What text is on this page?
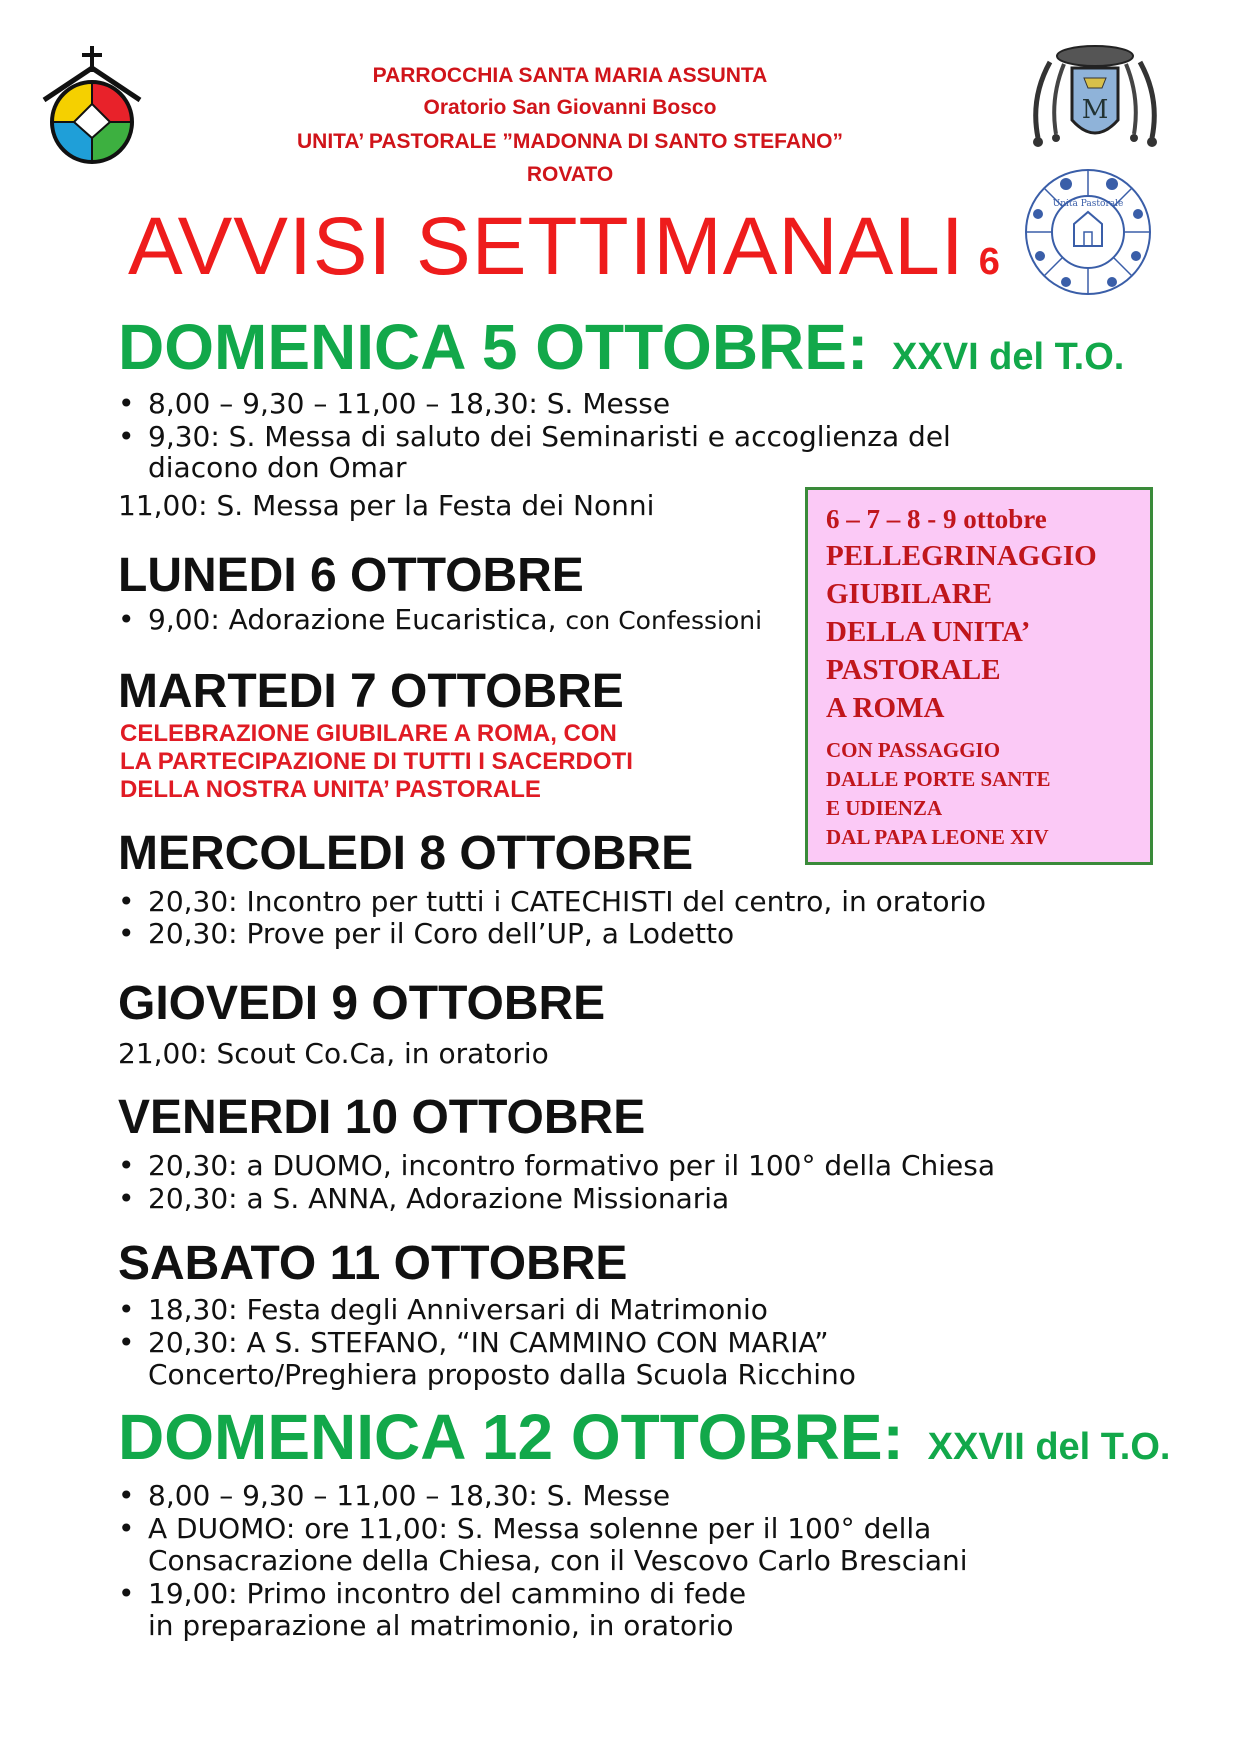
PARROCCHIA SANTA MARIA ASSUNTA
Oratorio San Giovanni Bosco
UNITA’ PASTORALE ”MADONNA DI SANTO STEFANO”
ROVATO
M
Unità Pastorale
AVVISI SETTIMANALI 6
DOMENICA 5 OTTOBRE: XXVI del T.O.
• 8,00 – 9,30 – 11,00 – 18,30: S. Messe
• 9,30: S. Messa di saluto dei Seminaristi e accoglienza del
diacono don Omar
11,00: S. Messa per la Festa dei Nonni
LUNEDI 6 OTTOBRE
• 9,00: Adorazione Eucaristica, con Confessioni
MARTEDI 7 OTTOBRE
CELEBRAZIONE GIUBILARE A ROMA, CON
LA PARTECIPAZIONE DI TUTTI I SACERDOTI
DELLA NOSTRA UNITA’ PASTORALE
MERCOLEDI 8 OTTOBRE
• 20,30: Incontro per tutti i CATECHISTI del centro, in oratorio
• 20,30: Prove per il Coro dell’UP, a Lodetto
GIOVEDI 9 OTTOBRE
21,00: Scout Co.Ca, in oratorio
VENERDI 10 OTTOBRE
• 20,30: a DUOMO, incontro formativo per il 100° della Chiesa
• 20,30: a S. ANNA, Adorazione Missionaria
SABATO 11 OTTOBRE
• 18,30: Festa degli Anniversari di Matrimonio
• 20,30: A S. STEFANO, “IN CAMMINO CON MARIA”
Concerto/Preghiera proposto dalla Scuola Ricchino
DOMENICA 12 OTTOBRE: XXVII del T.O.
• 8,00 – 9,30 – 11,00 – 18,30: S. Messe
• A DUOMO: ore 11,00: S. Messa solenne per il 100° della
Consacrazione della Chiesa, con il Vescovo Carlo Bresciani
• 19,00: Primo incontro del cammino di fede
in preparazione al matrimonio, in oratorio
6 – 7 – 8 - 9 ottobre
PELLEGRINAGGIO
GIUBILARE
DELLA UNITA’
PASTORALE
A ROMA
CON PASSAGGIO
DALLE PORTE SANTE
E UDIENZA
DAL PAPA LEONE XIV
